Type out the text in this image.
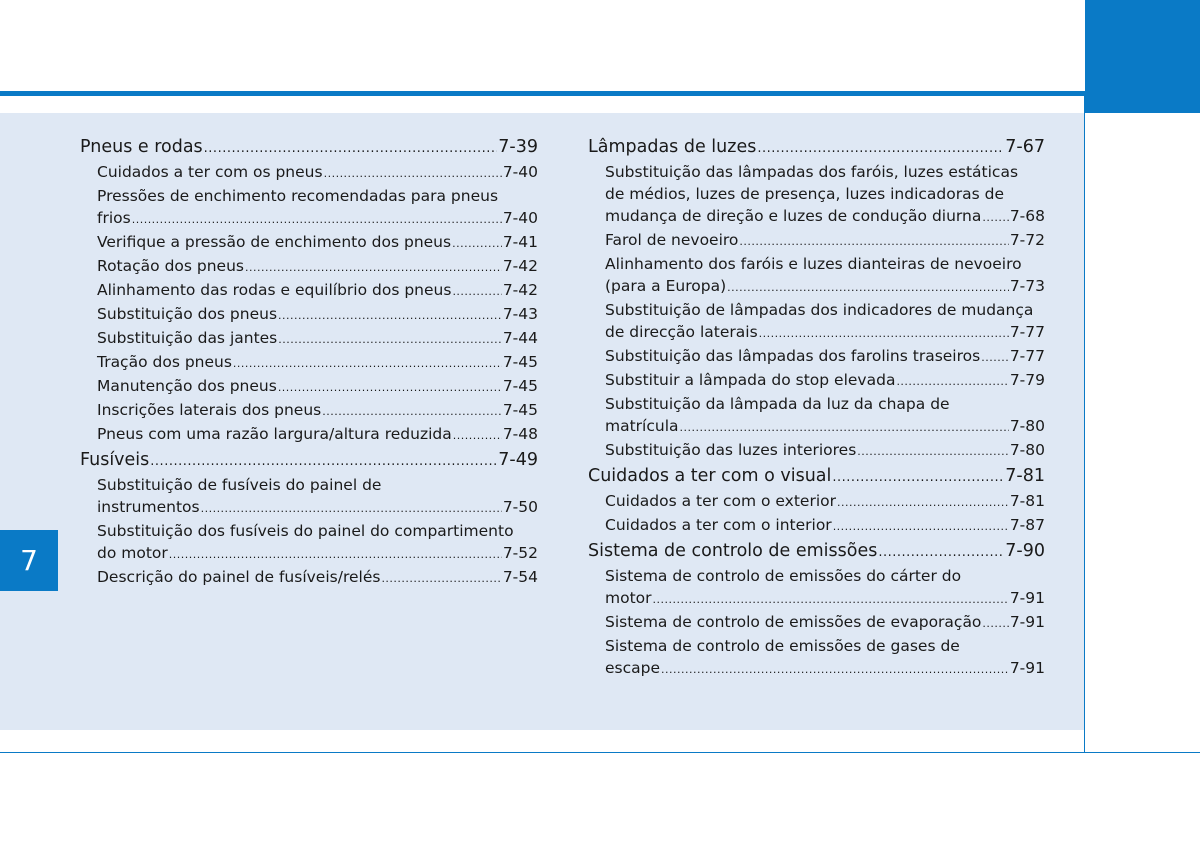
7
Pneus e rodas .....	7-39
Cuidados a ter com os pneus .....	7-40
Pressões de enchimento recomendadas para pneus
frios .....	7-40
Verifique a pressão de enchimento dos pneus .....	7-41
Rotação dos pneus .....	7-42
Alinhamento das rodas e equilíbrio dos pneus .....	7-42
Substituição dos pneus .....	7-43
Substituição das jantes .....	7-44
Tração dos pneus .....	7-45
Manutenção dos pneus .....	7-45
Inscrições laterais dos pneus .....	7-45
Pneus com uma razão largura/altura reduzida .....	7-48
Fusíveis .....	7-49
Substituição de fusíveis do painel de
instrumentos .....	7-50
Substituição dos fusíveis do painel do compartimento
do motor .....	7-52
Descrição do painel de fusíveis/relés .....	7-54
Lâmpadas de luzes .....	7-67
Substituição das lâmpadas dos faróis, luzes estáticas
de médios, luzes de presença, luzes indicadoras de
mudança de direção e luzes de condução diurna ..... 7-68
Farol de nevoeiro .....	7-72
Alinhamento dos faróis e luzes dianteiras de nevoeiro
(para a Europa) .....	7-73
Substituição de lâmpadas dos indicadores de mudança
de direcção laterais .....	7-77
Substituição das lâmpadas dos farolins traseiros ..... 7-77
Substituir a lâmpada do stop elevada .....	7-79
Substituição da lâmpada da luz da chapa de
matrícula .....	7-80
Substituição das luzes interiores .....	7-80
Cuidados a ter com o visual .....	7-81
Cuidados a ter com o exterior .....	7-81
Cuidados a ter com o interior .....	7-87
Sistema de controlo de emissões .....	7-90
Sistema de controlo de emissões do cárter do
motor .....	7-91
Sistema de controlo de emissões de evaporação ..... 7-91
Sistema de controlo de emissões de gases de
escape .....	7-91
